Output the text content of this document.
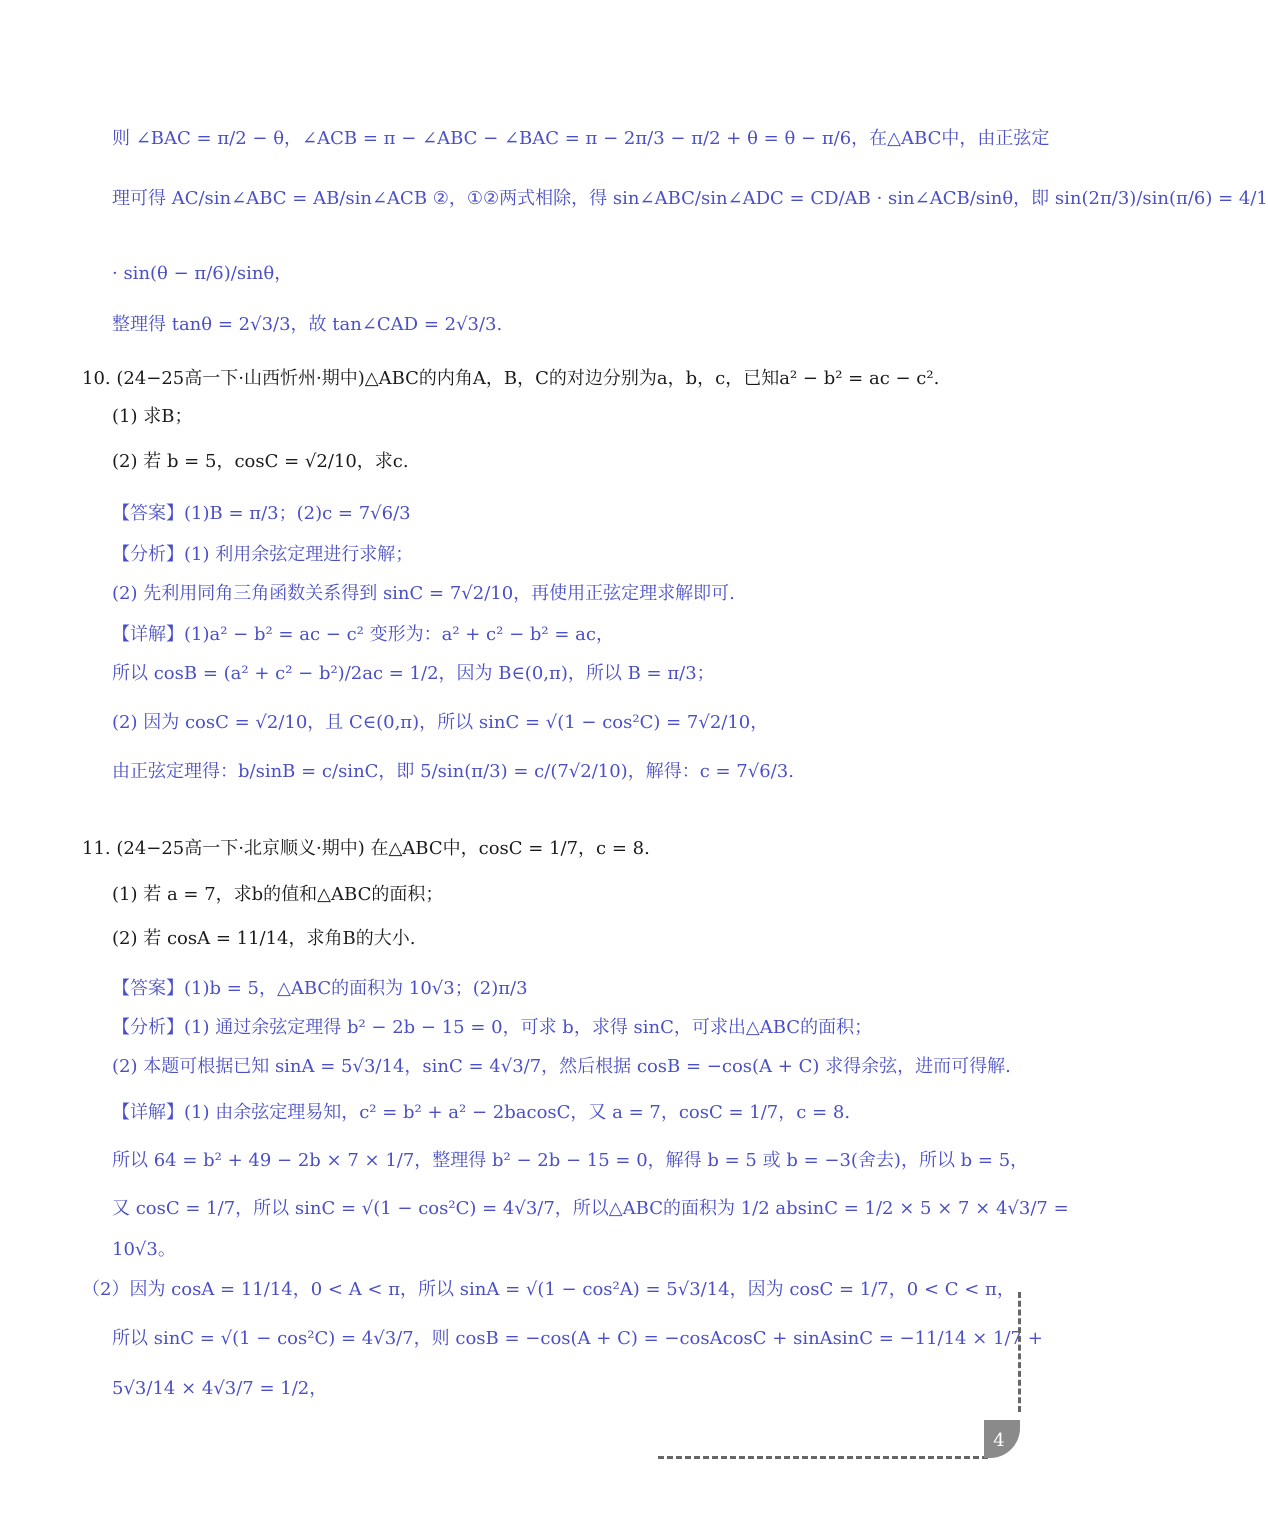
则 ∠BAC = π/2 − θ，∠ACB = π − ∠ABC − ∠BAC = π − 2π/3 − π/2 + θ = θ − π/6，在△ABC中，由正弦定
理可得 AC/sin∠ABC = AB/sin∠ACB ②，①②两式相除，得 sin∠ABC/sin∠ADC = CD/AB · sin∠ACB/sinθ，即 sin(2π/3)/sin(π/6) = 4/1
· sin(θ − π/6)/sinθ，
整理得 tanθ = 2√3/3，故 tan∠CAD = 2√3/3.
10. (24−25高一下·山西忻州·期中)△ABC的内角A，B，C的对边分别为a，b，c，已知a² − b² = ac − c².
(1) 求B；
(2) 若 b = 5，cosC = √2/10，求c.
【答案】(1)B = π/3；(2)c = 7√6/3
【分析】(1) 利用余弦定理进行求解；
(2) 先利用同角三角函数关系得到 sinC = 7√2/10，再使用正弦定理求解即可.
【详解】(1)a² − b² = ac − c² 变形为：a² + c² − b² = ac，
所以 cosB = (a² + c² − b²)/2ac = 1/2，因为 B∈(0,π)，所以 B = π/3；
(2) 因为 cosC = √2/10，且 C∈(0,π)，所以 sinC = √(1 − cos²C) = 7√2/10，
由正弦定理得：b/sinB = c/sinC，即 5/sin(π/3) = c/(7√2/10)，解得：c = 7√6/3.
11. (24−25高一下·北京顺义·期中) 在△ABC中，cosC = 1/7，c = 8.
(1) 若 a = 7，求b的值和△ABC的面积；
(2) 若 cosA = 11/14，求角B的大小.
【答案】(1)b = 5，△ABC的面积为 10√3；(2)π/3
【分析】(1) 通过余弦定理得 b² − 2b − 15 = 0，可求 b，求得 sinC，可求出△ABC的面积；
(2) 本题可根据已知 sinA = 5√3/14，sinC = 4√3/7，然后根据 cosB = −cos(A + C) 求得余弦，进而可得解.
【详解】(1) 由余弦定理易知，c² = b² + a² − 2bacosC，又 a = 7，cosC = 1/7，c = 8.
所以 64 = b² + 49 − 2b × 7 × 1/7，整理得 b² − 2b − 15 = 0，解得 b = 5 或 b = −3(舍去)，所以 b = 5，
又 cosC = 1/7，所以 sinC = √(1 − cos²C) = 4√3/7，所以△ABC的面积为 1/2 absinC = 1/2 × 5 × 7 × 4√3/7 =
10√3。
（2）因为 cosA = 11/14，0 < A < π，所以 sinA = √(1 − cos²A) = 5√3/14，因为 cosC = 1/7，0 < C < π，
所以 sinC = √(1 − cos²C) = 4√3/7，则 cosB = −cos(A + C) = −cosAcosC + sinAsinC = −11/14 × 1/7 +
5√3/14 × 4√3/7 = 1/2，
4
